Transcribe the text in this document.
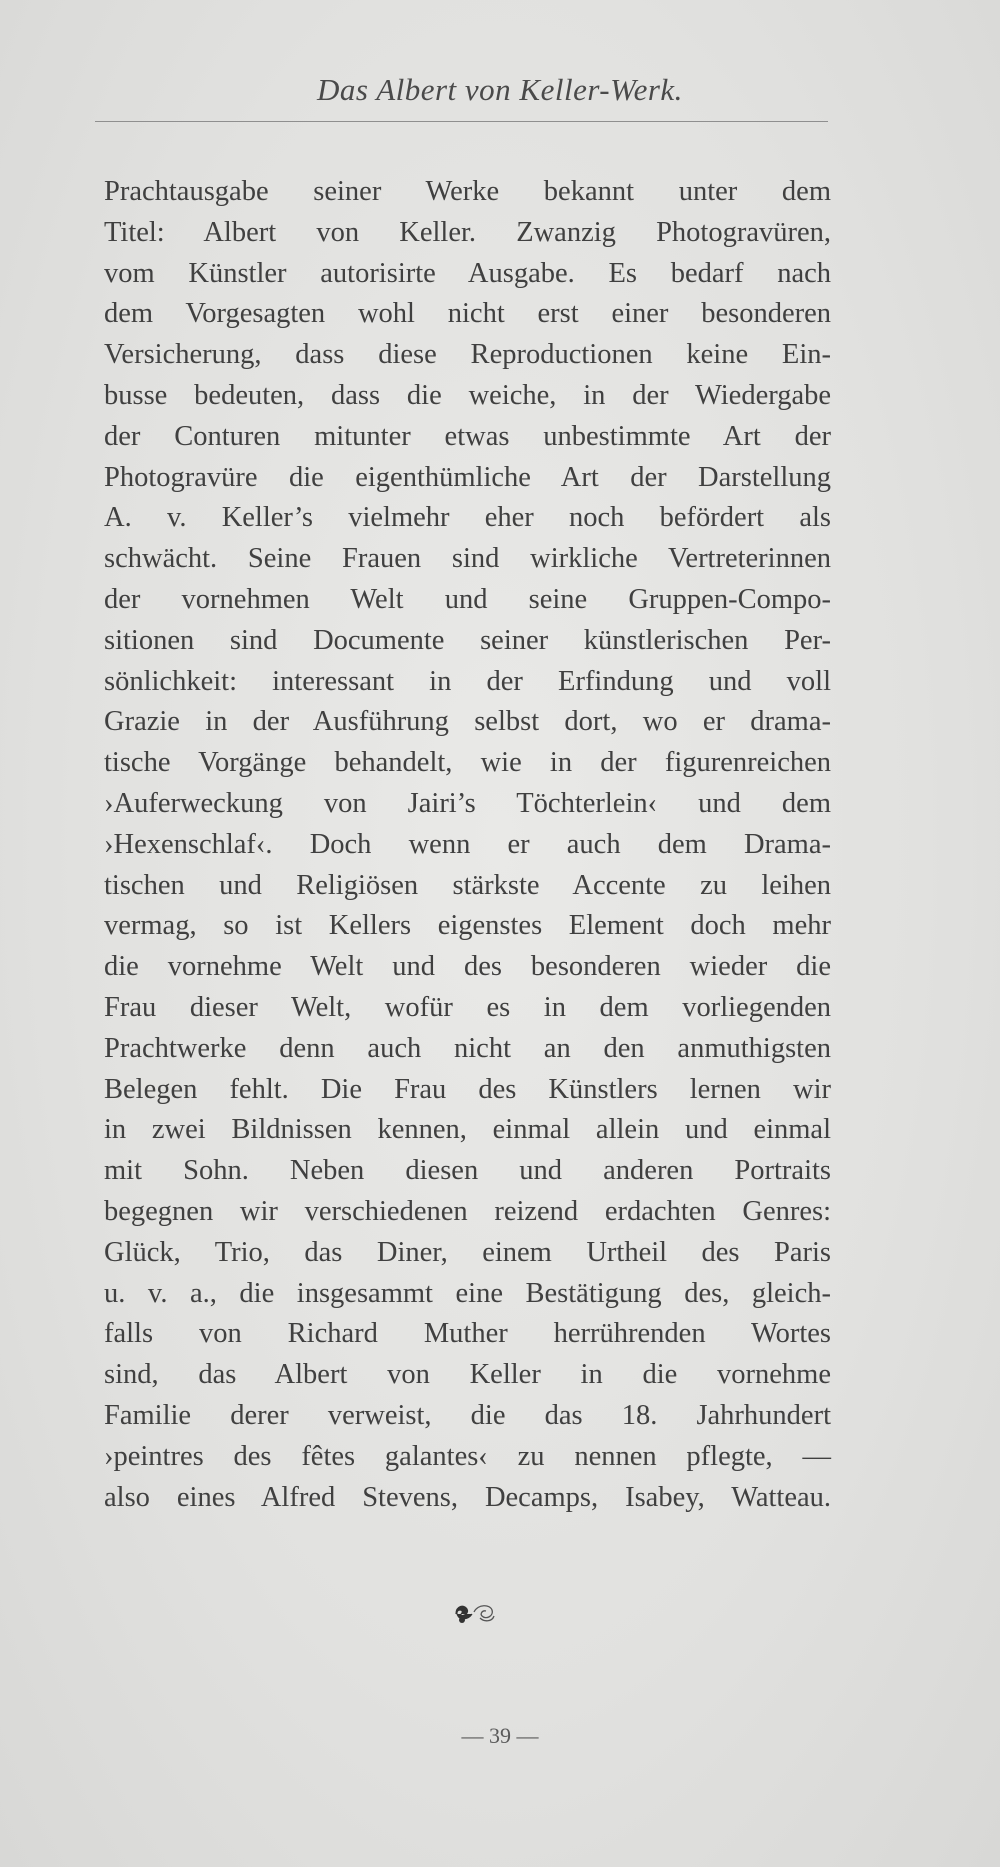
Das Albert von Keller-Werk.
Prachtausgabe seiner Werke bekannt unter dem
Titel: Albert von Keller. Zwanzig Photogravüren,
vom Künstler autorisirte Ausgabe. Es bedarf nach
dem Vorgesagten wohl nicht erst einer besonderen
Versicherung, dass diese Reproductionen keine Ein-
busse bedeuten, dass die weiche, in der Wiedergabe
der Conturen mitunter etwas unbestimmte Art der
Photogravüre die eigenthümliche Art der Darstellung
A. v. Keller’s vielmehr eher noch befördert als
schwächt. Seine Frauen sind wirkliche Vertreterinnen
der vornehmen Welt und seine Gruppen-Compo-
sitionen sind Documente seiner künstlerischen Per-
sönlichkeit: interessant in der Erfindung und voll
Grazie in der Ausführung selbst dort, wo er drama-
tische Vorgänge behandelt, wie in der figurenreichen
›Auferweckung von Jairi’s Töchterlein‹ und dem
›Hexenschlaf‹. Doch wenn er auch dem Drama-
tischen und Religiösen stärkste Accente zu leihen
vermag, so ist Kellers eigenstes Element doch mehr
die vornehme Welt und des besonderen wieder die
Frau dieser Welt, wofür es in dem vorliegenden
Prachtwerke denn auch nicht an den anmuthigsten
Belegen fehlt. Die Frau des Künstlers lernen wir
in zwei Bildnissen kennen, einmal allein und einmal
mit Sohn. Neben diesen und anderen Portraits
begegnen wir verschiedenen reizend erdachten Genres:
Glück, Trio, das Diner, einem Urtheil des Paris
u. v. a., die insgesammt eine Bestätigung des, gleich-
falls von Richard Muther herrührenden Wortes
sind, das Albert von Keller in die vornehme
Familie derer verweist, die das 18. Jahrhundert
›peintres des fêtes galantes‹ zu nennen pflegte, —
also eines Alfred Stevens, Decamps, Isabey, Watteau.
— 39 —
